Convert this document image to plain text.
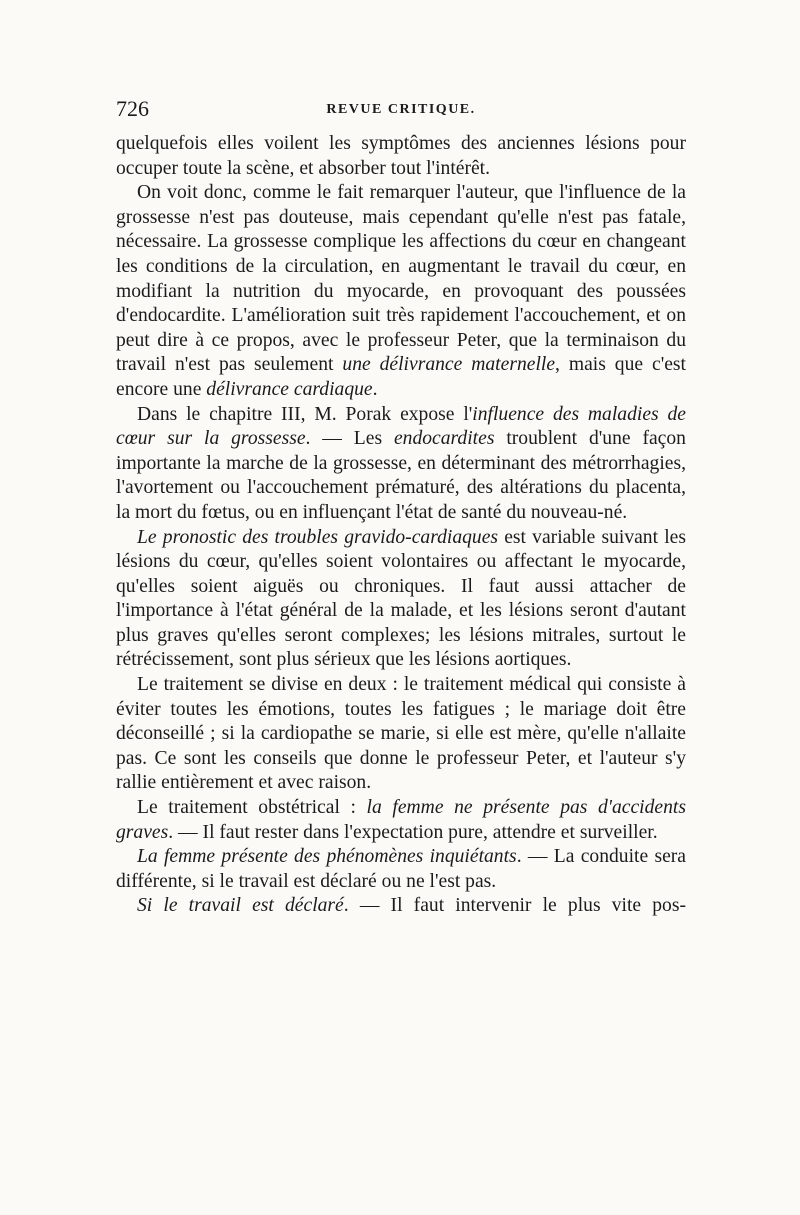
726	REVUE CRITIQUE.

quelquefois elles voilent les symptômes des anciennes lésions pour occuper toute la scène, et absorber tout l'intérêt.

On voit donc, comme le fait remarquer l'auteur, que l'influence de la grossesse n'est pas douteuse, mais cependant qu'elle n'est pas fatale, nécessaire. La grossesse complique les affections du cœur en changeant les conditions de la circulation, en augmentant le travail du cœur, en modifiant la nutrition du myocarde, en provoquant des poussées d'endocardite. L'amélioration suit très rapidement l'accouchement, et on peut dire à ce propos, avec le professeur Peter, que la terminaison du travail n'est pas seulement une délivrance maternelle, mais que c'est encore une délivrance cardiaque.

Dans le chapitre III, M. Porak expose l'influence des maladies de cœur sur la grossesse. — Les endocardites troublent d'une façon importante la marche de la grossesse, en déterminant des métrorrhagies, l'avortement ou l'accouchement prématuré, des altérations du placenta, la mort du fœtus, ou en influençant l'état de santé du nouveau-né.

Le pronostic des troubles gravido-cardiaques est variable suivant les lésions du cœur, qu'elles soient volontaires ou affectant le myocarde, qu'elles soient aiguës ou chroniques. Il faut aussi attacher de l'importance à l'état général de la malade, et les lésions seront d'autant plus graves qu'elles seront complexes; les lésions mitrales, surtout le rétrécissement, sont plus sérieux que les lésions aortiques.

Le traitement se divise en deux : le traitement médical qui consiste à éviter toutes les émotions, toutes les fatigues ; le mariage doit être déconseillé ; si la cardiopathe se marie, si elle est mère, qu'elle n'allaite pas. Ce sont les conseils que donne le professeur Peter, et l'auteur s'y rallie entièrement et avec raison.

Le traitement obstétrical : la femme ne présente pas d'accidents graves. — Il faut rester dans l'expectation pure, attendre et surveiller.

La femme présente des phénomènes inquiétants. — La conduite sera différente, si le travail est déclaré ou ne l'est pas.

Si le travail est déclaré. — Il faut intervenir le plus vite pos-
